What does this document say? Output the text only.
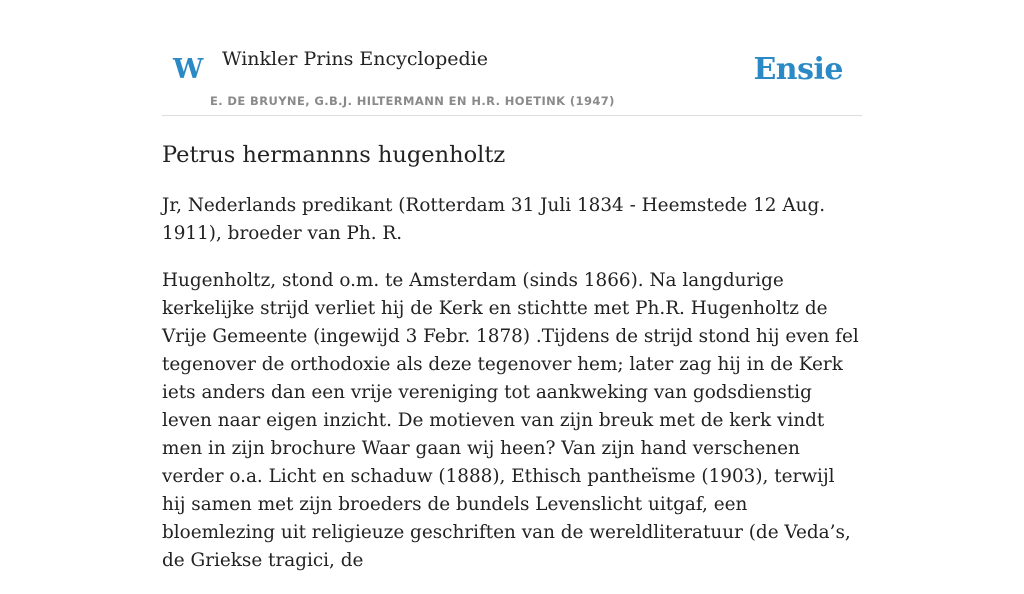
W Winkler Prins Encyclopedie
E. DE BRUYNE, G.B.J. HILTERMANN EN H.R. HOETINK (1947)
Ensie
Petrus hermannns hugenholtz

Jr, Nederlands predikant (Rotterdam 31 Juli 1834 - Heemstede 12 Aug. 1911), broeder van Ph. R.

Hugenholtz, stond o.m. te Amsterdam (sinds 1866). Na langdurige kerkelijke strijd verliet hij de Kerk en stichtte met Ph.R. Hugenholtz de Vrije Gemeente (ingewijd 3 Febr. 1878) .Tijdens de strijd stond hij even fel tegenover de orthodoxie als deze tegenover hem; later zag hij in de Kerk iets anders dan een vrije vereniging tot aankweking van godsdienstig leven naar eigen inzicht. De motieven van zijn breuk met de kerk vindt men in zijn brochure Waar gaan wij heen? Van zijn hand verschenen verder o.a. Licht en schaduw (1888), Ethisch pantheïsme (1903), terwijl hij samen met zijn broeders de bundels Levenslicht uitgaf, een bloemlezing uit religieuze geschriften van de wereldliteratuur (de Veda’s, de Griekse tragici, de
